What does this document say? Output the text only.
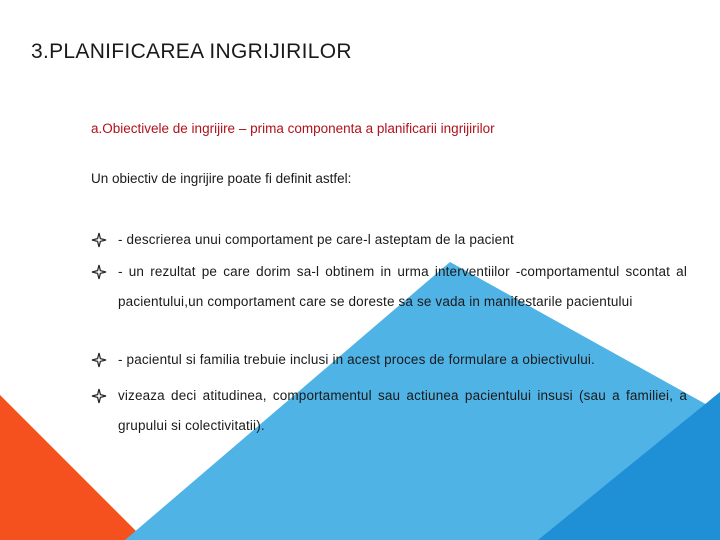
3.PLANIFICAREA INGRIJIRILOR
a.Obiectivele de ingrijire – prima componenta a planificarii ingrijirilor
Un obiectiv de ingrijire poate fi definit astfel:
- descrierea unui comportament pe care-l asteptam de la pacient
- un rezultat pe care dorim sa-l obtinem in urma interventiilor -comportamentul scontat al pacientului,un comportament care se doreste sa se vada in manifestarile pacientului
- pacientul si familia trebuie inclusi in acest proces de formulare a obiectivului.
vizeaza deci atitudinea, comportamentul sau actiunea pacientului insusi (sau a familiei, a grupului si colectivitatii).
